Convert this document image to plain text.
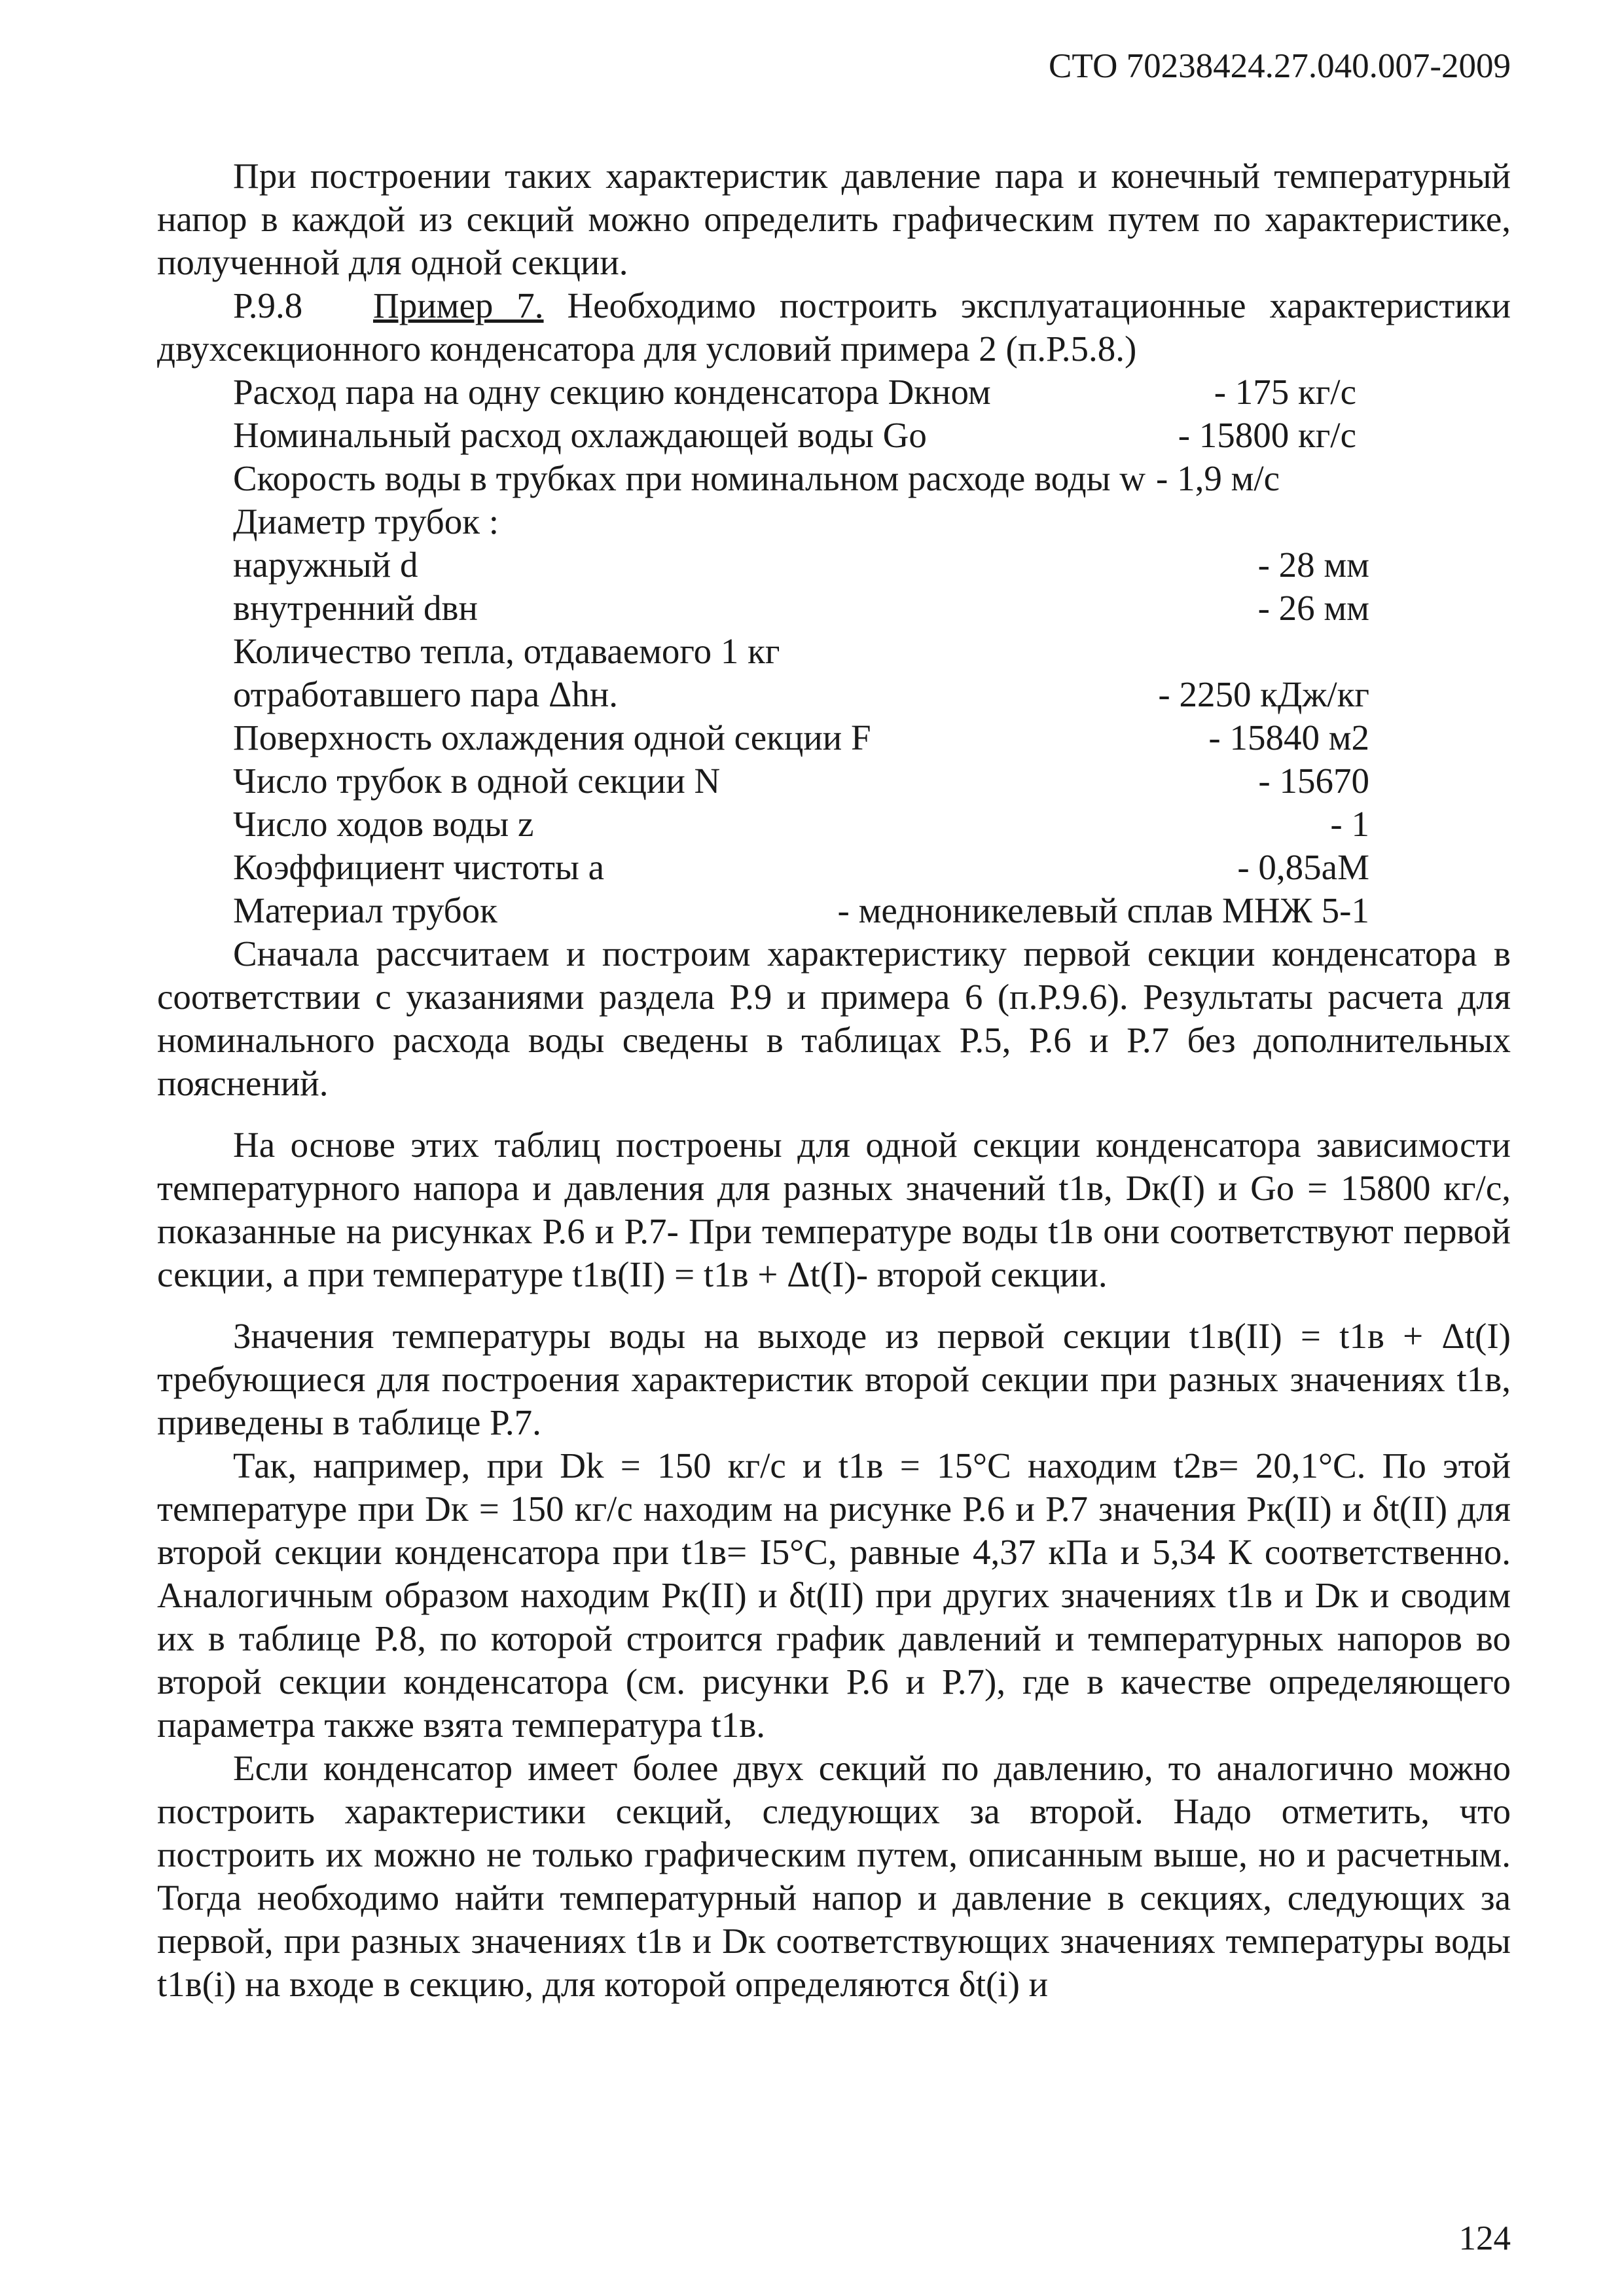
СТО 70238424.27.040.007-2009

При построении таких характеристик давление пара и конечный температурный напор в каждой из секций можно определить графическим путем по характеристике, полученной для одной секции.

Р.9.8 Пример 7. Необходимо построить эксплуатационные характеристики двухсекционного конденсатора для условий примера 2 (п.Р.5.8.)

Расход пара на одну секцию конденсатора Dкном	- 175 кг/с
Номинальный расход охлаждающей воды Gо	- 15800 кг/с
Скорость воды в трубках при номинальном расходе воды w - 1,9 м/с
Диаметр трубок :
наружный d	- 28 мм
внутренний dвн	- 26 мм
Количество тепла, отдаваемого 1 кг
отработавшего пара Δhн.	- 2250 кДж/кг
Поверхность охлаждения одной секции F	- 15840 м2
Число трубок в одной секции N	- 15670
Число ходов воды z	- 1
Коэффициент чистоты a	- 0,85aМ
Материал трубок	- медноникелевый сплав МНЖ 5-1

Сначала рассчитаем и построим характеристику первой секции конденсатора в соответствии с указаниями раздела Р.9 и примера 6 (п.Р.9.6). Результаты расчета для номинального расхода воды сведены в таблицах Р.5, Р.6 и Р.7 без дополнительных пояснений.

На основе этих таблиц построены для одной секции конденсатора зависимости температурного напора и давления для разных значений t1в, Dк(I) и Gо = 15800 кг/с, показанные на рисунках Р.6 и Р.7- При температуре воды t1в они соответствуют первой секции, а при температуре t1в(II) = t1в + Δt(I)- второй секции.

Значения температуры воды на выходе из первой секции t1в(II) = t1в + Δt(I) требующиеся для построения характеристик второй секции при разных значениях t1в, приведены в таблице Р.7.

Так, например, при Dk = 150 кг/с и t1в = 15°С находим t2в= 20,1°С. По этой температуре при Dк = 150 кг/с находим на рисунке Р.6 и Р.7 значения Pк(II) и δt(II) для второй секции конденсатора при t1в= I5°С, равные 4,37 кПа и 5,34 К соответственно. Аналогичным образом находим Pк(II) и δt(II) при других значениях t1в и Dк и сводим их в таблице Р.8, по которой строится график давлений и температурных напоров во второй секции конденсатора (см. рисунки Р.6 и Р.7), где в качестве определяющего параметра также взята температура t1в.

Если конденсатор имеет более двух секций по давлению, то аналогично можно построить характеристики секций, следующих за второй. Надо отметить, что построить их можно не только графическим путем, описанным выше, но и расчетным. Тогда необходимо найти температурный напор и давление в секциях, следующих за первой, при разных значениях t1в и Dк соответствующих значениях температуры воды t1в(i) на входе в секцию, для которой определяются δt(i) и

124
